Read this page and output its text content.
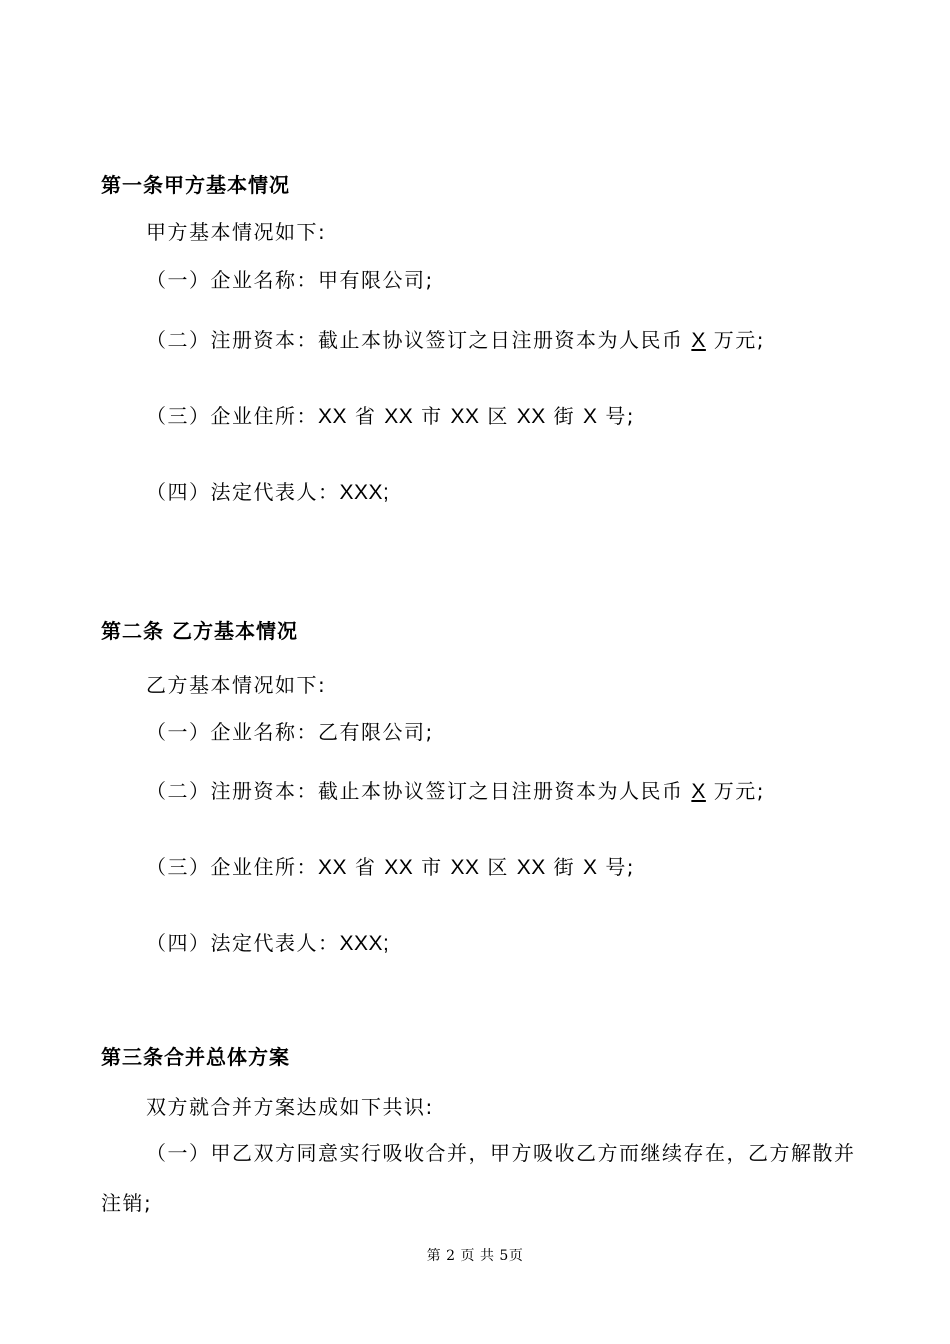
第一条甲方基本情况
甲方基本情况如下:
（一）企业名称：甲有限公司;
（二）注册资本：截止本协议签订之日注册资本为人民币 X 万元;
（三）企业住所：XX 省 XX 市 XX 区 XX 街 X 号;
（四）法定代表人：XXX;
第二条 乙方基本情况
乙方基本情况如下:
（一）企业名称：乙有限公司;
（二）注册资本：截止本协议签订之日注册资本为人民币 X 万元;
（三）企业住所：XX 省 XX 市 XX 区 XX 街 X 号;
（四）法定代表人：XXX;
第三条合并总体方案
双方就合并方案达成如下共识:
（一）甲乙双方同意实行吸收合并，甲方吸收乙方而继续存在，乙方解散并
注销;
第 2 页 共 5页
